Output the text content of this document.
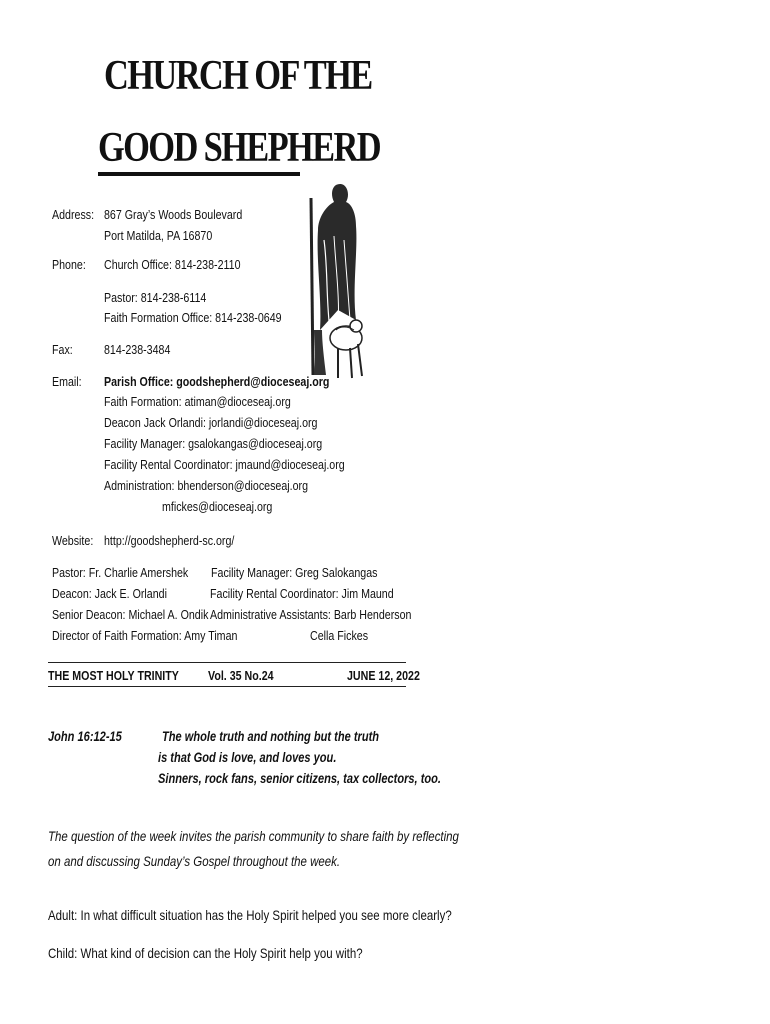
CHURCH OF THE
GOOD SHEPHERD
Address: 867 Gray’s Woods Boulevard
Port Matilda, PA 16870
Phone: Church Office: 814-238-2110
Pastor: 814-238-6114
Faith Formation Office: 814-238-0649
Fax: 814-238-3484
Email: Parish Office: goodshepherd@dioceseaj.org
Faith Formation: atiman@dioceseaj.org
Deacon Jack Orlandi: jorlandi@dioceseaj.org
Facility Manager: gsalokangas@dioceseaj.org
Facility Rental Coordinator: jmaund@dioceseaj.org
Administration: bhenderson@dioceseaj.org
mfickes@dioceseaj.org
Website: http://goodshepherd-sc.org/
Pastor: Fr. Charlie Amershek
Deacon: Jack E. Orlandi
Senior Deacon: Michael A. Ondik
Director of Faith Formation: Amy Timan
Facility Manager: Greg Salokangas
Facility Rental Coordinator: Jim Maund
Administrative Assistants: Barb Henderson
Cella Fickes
THE MOST HOLY TRINITY Vol. 35 No.24	JUNE 12, 2022
John 16:12-15	The whole truth and nothing but the truth
is that God is love, and loves you.
Sinners, rock fans, senior citizens, tax collectors, too.
The question of the week invites the parish community to share faith by reflecting
on and discussing Sunday’s Gospel throughout the week.
Adult: In what difficult situation has the Holy Spirit helped you see more clearly?
Child: What kind of decision can the Holy Spirit help you with?
